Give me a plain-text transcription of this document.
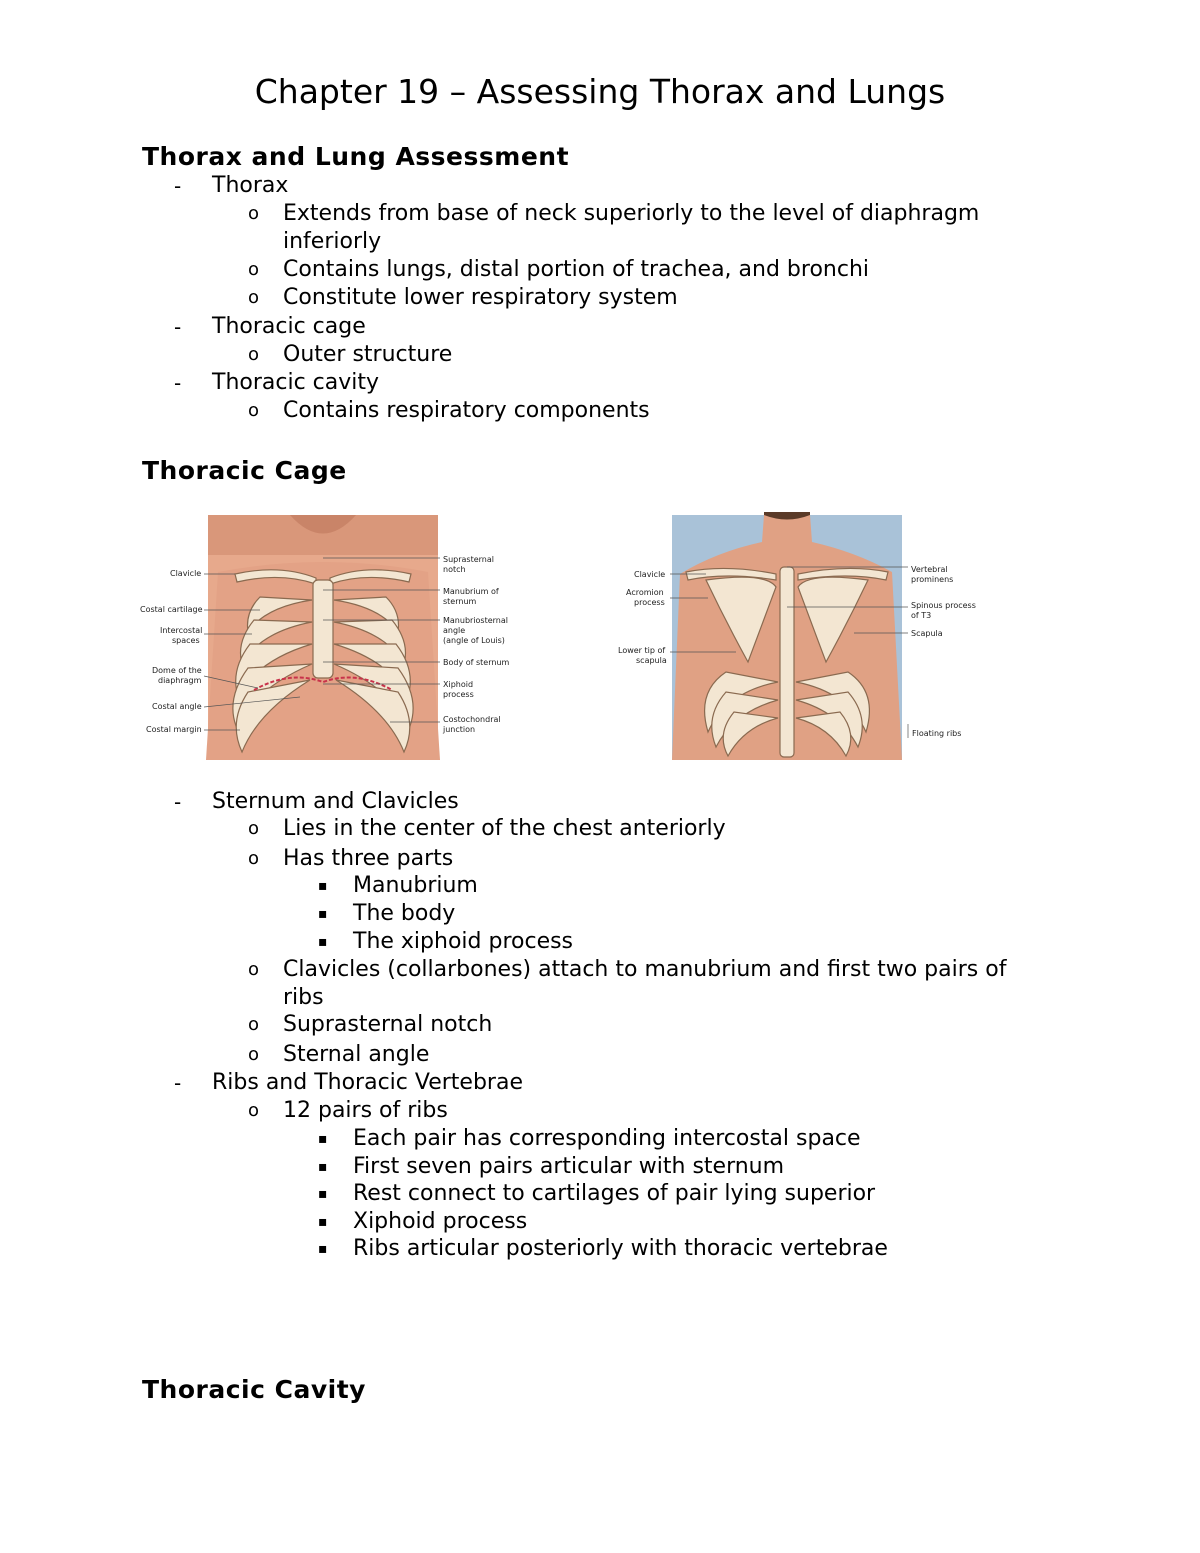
Chapter 19 – Assessing Thorax and Lungs
Thorax and Lung Assessment
- Thorax
o Extends from base of neck superiorly to the level of diaphragm
inferiorly
o Contains lungs, distal portion of trachea, and bronchi
o Constitute lower respiratory system
- Thoracic cage
o Outer structure
- Thoracic cavity
o Contains respiratory components
Thoracic Cage
Clavicle
Costal cartilage
Intercostal
spaces
Dome of the
diaphragm
Costal angle
Costal margin
Suprasternal
notch
Manubrium of
sternum
Manubriosternal
angle
(angle of Louis)
Body of sternum
Xiphoid
process
Costochondral
junction
Clavicle
Acromion
process
Lower tip of
scapula
Vertebral
prominens
Spinous process
of T3
Scapula
Floating ribs
- Sternum and Clavicles
o Lies in the center of the chest anteriorly
o Has three parts
▪ Manubrium
▪ The body
▪ The xiphoid process
o Clavicles (collarbones) attach to manubrium and first two pairs of
ribs
o Suprasternal notch
o Sternal angle
- Ribs and Thoracic Vertebrae
o 12 pairs of ribs
▪ Each pair has corresponding intercostal space
▪ First seven pairs articular with sternum
▪ Rest connect to cartilages of pair lying superior
▪ Xiphoid process
▪ Ribs articular posteriorly with thoracic vertebrae
Thoracic Cavity
